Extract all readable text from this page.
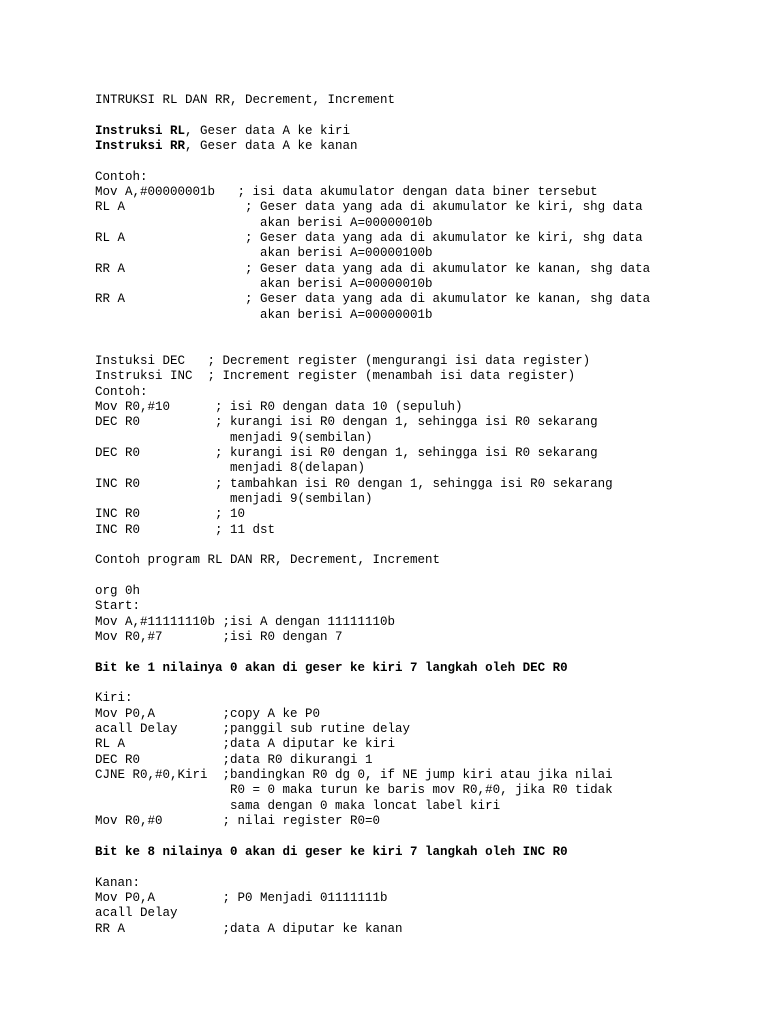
INTRUKSI RL DAN RR, Decrement, Increment
Instruksi RL, Geser data A ke kiri
Instruksi RR, Geser data A ke kanan
Contoh:
Mov A,#00000001b   ; isi data akumulator dengan data biner tersebut
RL A                ; Geser data yang ada di akumulator ke kiri, shg data
akan berisi A=00000010b
RL A                ; Geser data yang ada di akumulator ke kiri, shg data
akan berisi A=00000100b
RR A                ; Geser data yang ada di akumulator ke kanan, shg data
akan berisi A=00000010b
RR A                ; Geser data yang ada di akumulator ke kanan, shg data
akan berisi A=00000001b
Instuksi DEC   ; Decrement register (mengurangi isi data register)
Instruksi INC  ; Increment register (menambah isi data register)
Contoh:
Mov R0,#10      ; isi R0 dengan data 10 (sepuluh)
DEC R0          ; kurangi isi R0 dengan 1, sehingga isi R0 sekarang
menjadi 9(sembilan)
DEC R0          ; kurangi isi R0 dengan 1, sehingga isi R0 sekarang
menjadi 8(delapan)
INC R0          ; tambahkan isi R0 dengan 1, sehingga isi R0 sekarang
menjadi 9(sembilan)
INC R0          ; 10
INC R0          ; 11 dst
Contoh program RL DAN RR, Decrement, Increment
org 0h
Start:
Mov A,#11111110b ;isi A dengan 11111110b
Mov R0,#7        ;isi R0 dengan 7
Bit ke 1 nilainya 0 akan di geser ke kiri 7 langkah oleh DEC R0
Kiri:
Mov P0,A         ;copy A ke P0
acall Delay      ;panggil sub rutine delay
RL A             ;data A diputar ke kiri
DEC R0           ;data R0 dikurangi 1
CJNE R0,#0,Kiri  ;bandingkan R0 dg 0, if NE jump kiri atau jika nilai
R0 = 0 maka turun ke baris mov R0,#0, jika R0 tidak
sama dengan 0 maka loncat label kiri
Mov R0,#0        ; nilai register R0=0
Bit ke 8 nilainya 0 akan di geser ke kiri 7 langkah oleh INC R0
Kanan:
Mov P0,A         ; P0 Menjadi 01111111b
acall Delay
RR A             ;data A diputar ke kanan
